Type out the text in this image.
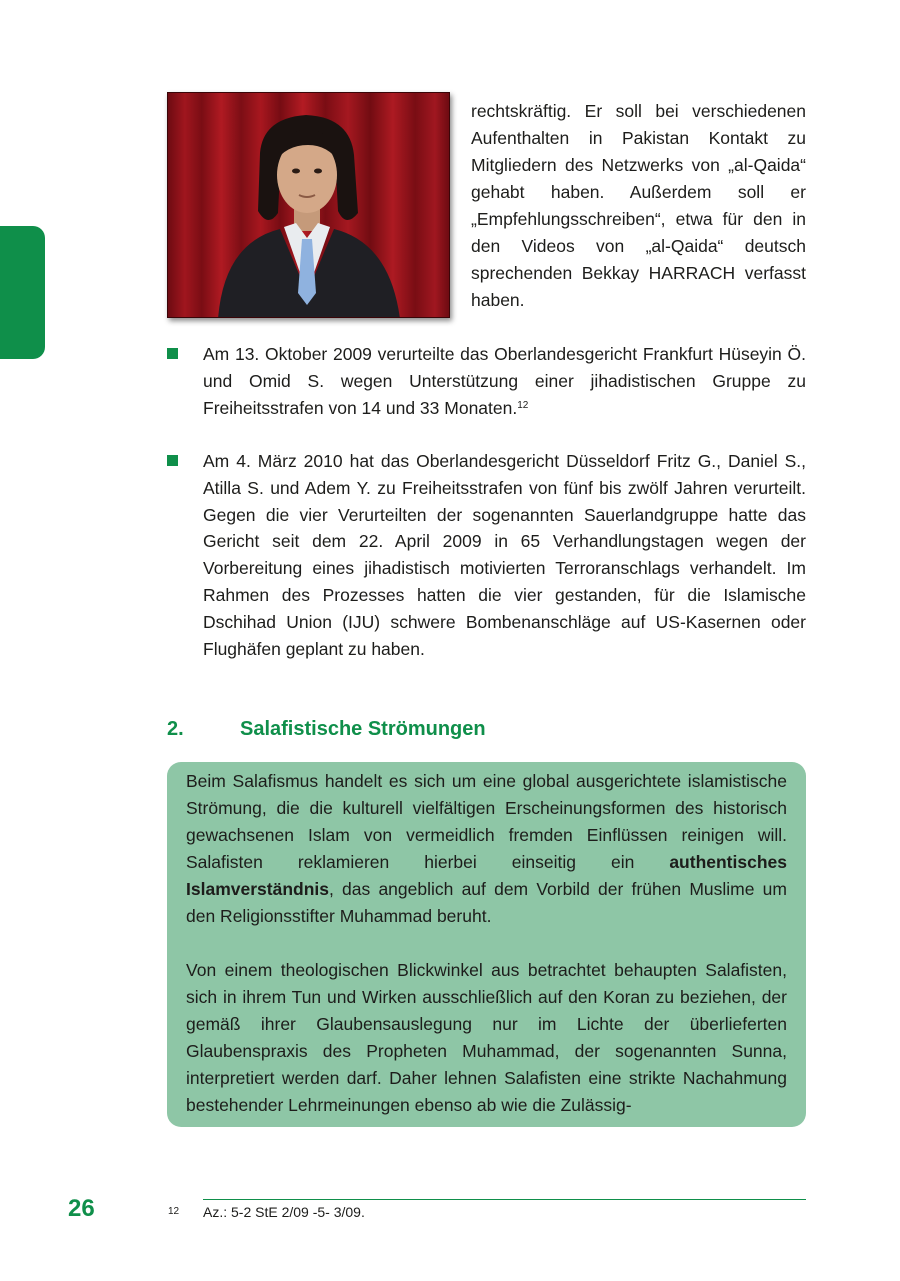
rechtskräftig. Er soll bei verschiedenen Aufenthalten in Pakistan Kontakt zu Mitgliedern des Netzwerks von „al-Qaida“ gehabt haben. Außerdem soll er „Empfehlungsschreiben“, etwa für den in den Videos von „al-Qaida“ deutsch sprechenden Bekkay HARRACH verfasst haben.

Am 13. Oktober 2009 verurteilte das Oberlandesgericht Frankfurt Hüseyin Ö. und Omid S. wegen Unterstützung einer jihadistischen Gruppe zu Freiheitsstrafen von 14 und 33 Monaten.$^{12}$

Am 4. März 2010 hat das Oberlandesgericht Düsseldorf Fritz G., Daniel S., Atilla S. und Adem Y. zu Freiheitsstrafen von fünf bis zwölf Jahren verurteilt. Gegen die vier Verurteilten der sogenannten Sauerlandgruppe hatte das Gericht seit dem 22. April 2009 in 65 Verhandlungstagen wegen der Vorbereitung eines jihadistisch motivierten Terroranschlags verhandelt. Im Rahmen des Prozesses hatten die vier gestanden, für die Islamische Dschihad Union (IJU) schwere Bombenanschläge auf US-Kasernen oder Flughäfen geplant zu haben.

2.	Salafistische Strömungen

Beim Salafismus handelt es sich um eine global ausgerichtete islamistische Strömung, die die kulturell vielfältigen Erscheinungsformen des historisch gewachsenen Islam von vermeidlich fremden Einflüssen reinigen will. Salafisten reklamieren hierbei einseitig ein authentisches Islamverständnis, das angeblich auf dem Vorbild der frühen Muslime um den Religionsstifter Muhammad beruht.

Von einem theologischen Blickwinkel aus betrachtet behaupten Salafisten, sich in ihrem Tun und Wirken ausschließlich auf den Koran zu beziehen, der gemäß ihrer Glaubensauslegung nur im Lichte der überlieferten Glaubenspraxis des Propheten Muhammad, der sogenannten Sunna, interpretiert werden darf. Daher lehnen Salafisten eine strikte Nachahmung bestehender Lehrmeinungen ebenso ab wie die Zulässig-

26	12 Az.: 5-2 StE 2/09 -5- 3/09.
